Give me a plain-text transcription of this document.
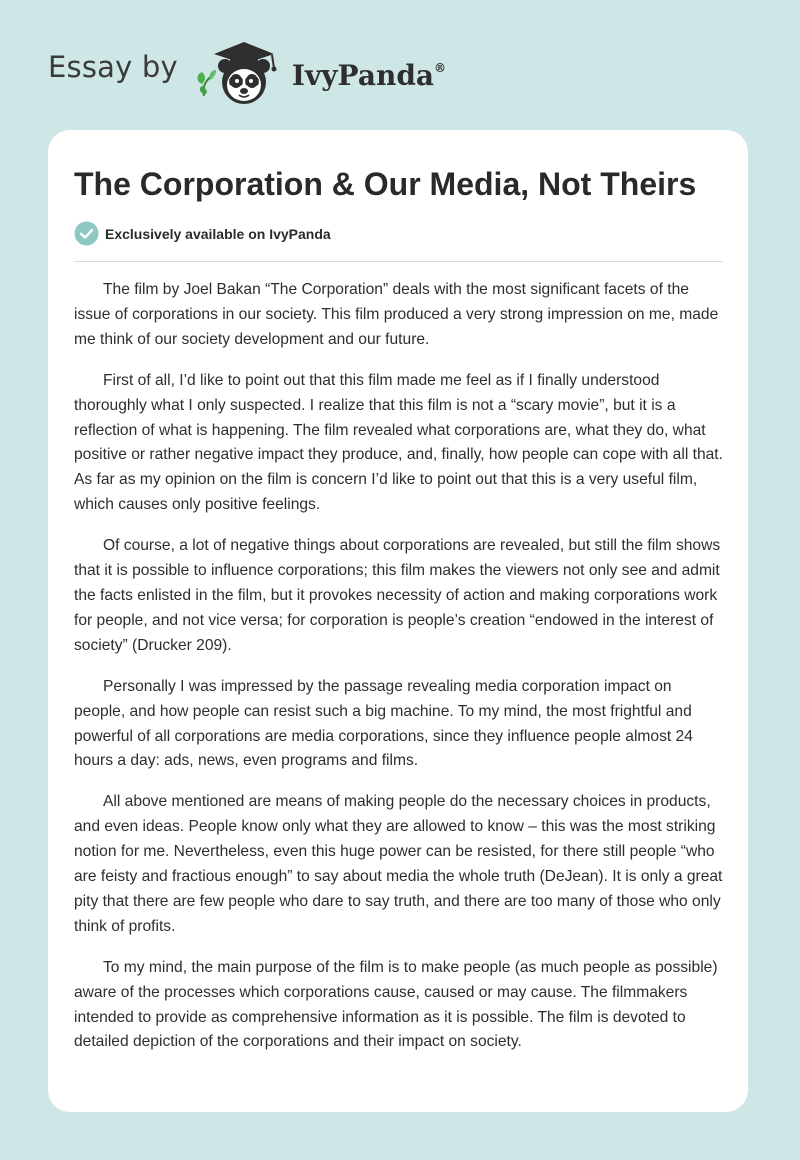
Essay by	IvyPanda®
The Corporation & Our Media, Not Theirs
Exclusively available on IvyPanda

The film by Joel Bakan “The Corporation” deals with the most significant facets of the issue of corporations in our society. This film produced a very strong impression on me, made me think of our society development and our future.

First of all, I’d like to point out that this film made me feel as if I finally understood thoroughly what I only suspected. I realize that this film is not a “scary movie”, but it is a reflection of what is happening. The film revealed what corporations are, what they do, what positive or rather negative impact they produce, and, finally, how people can cope with all that. As far as my opinion on the film is concern I’d like to point out that this is a very useful film, which causes only positive feelings.

Of course, a lot of negative things about corporations are revealed, but still the film shows that it is possible to influence corporations; this film makes the viewers not only see and admit the facts enlisted in the film, but it provokes necessity of action and making corporations work for people, and not vice versa; for corporation is people’s creation “endowed in the interest of society” (Drucker 209).

Personally I was impressed by the passage revealing media corporation impact on people, and how people can resist such a big machine. To my mind, the most frightful and powerful of all corporations are media corporations, since they influence people almost 24 hours a day: ads, news, even programs and films.

All above mentioned are means of making people do the necessary choices in products, and even ideas. People know only what they are allowed to know – this was the most striking notion for me. Nevertheless, even this huge power can be resisted, for there still people “who are feisty and fractious enough” to say about media the whole truth (DeJean). It is only a great pity that there are few people who dare to say truth, and there are too many of those who only think of profits.

To my mind, the main purpose of the film is to make people (as much people as possible) aware of the processes which corporations cause, caused or may cause. The filmmakers intended to provide as comprehensive information as it is possible. The film is devoted to detailed depiction of the corporations and their impact on society.
